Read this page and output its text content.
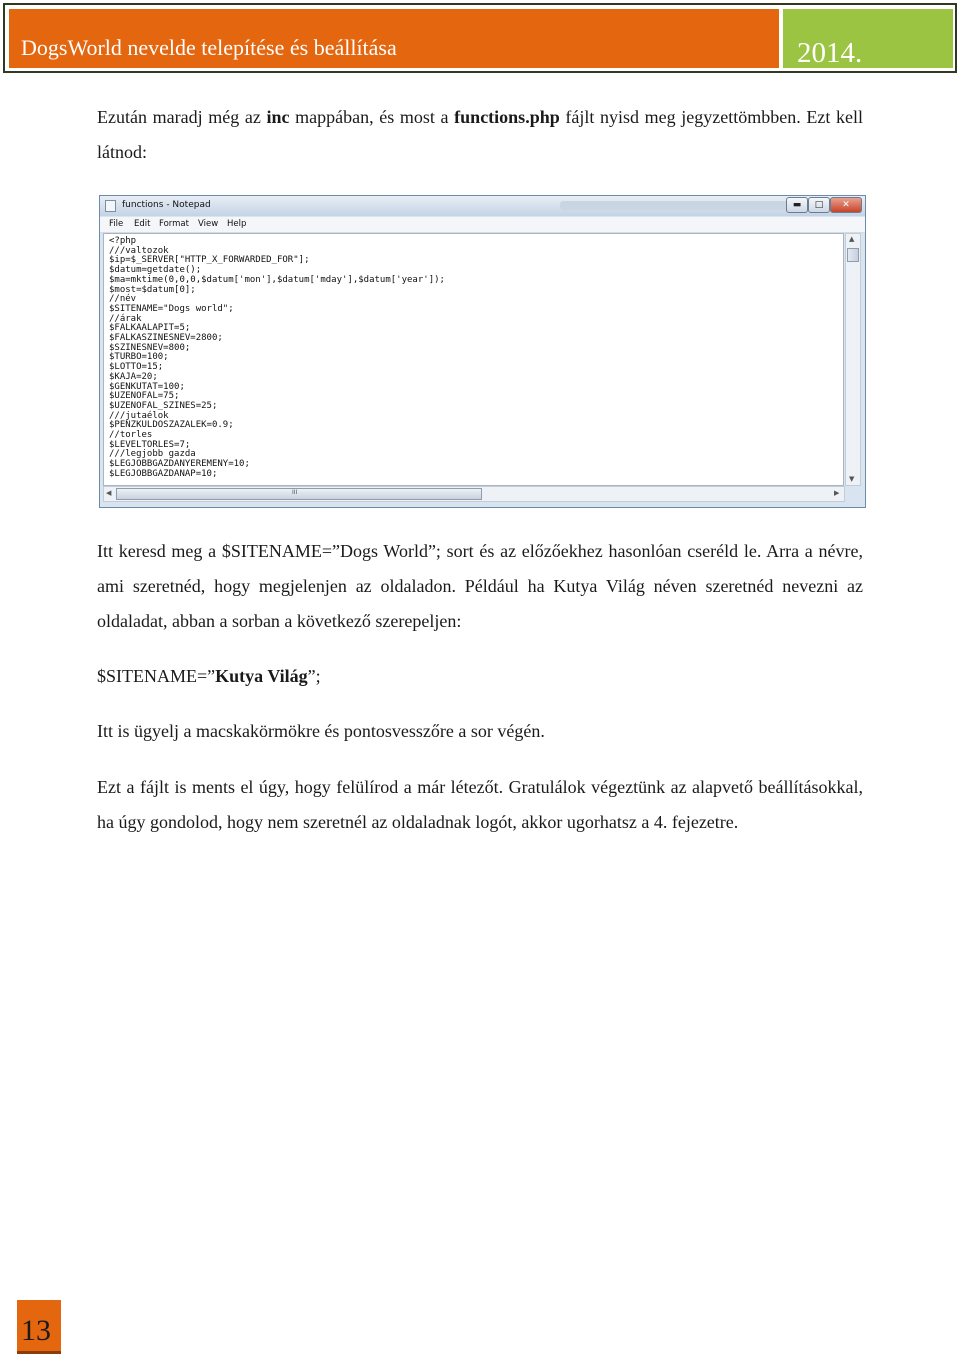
DogsWorld nevelde telepítése és beállítása	2014.

Ezután maradj még az inc mappában, és most a functions.php fájlt nyisd meg jegyzettömbben. Ezt kell látnod:

functions - Notepad	▬	□	✕
File Edit Format View Help
<?php
///valtozok
$ip=$_SERVER["HTTP_X_FORWARDED_FOR"];
$datum=getdate();
$ma=mktime(0,0,0,$datum['mon'],$datum['mday'],$datum['year']);
$most=$datum[0];
//név
$SITENAME="Dogs world";
//árak
$FALKAALAPIT=5;
$FALKASZINESNEV=2800;
$SZINESNEV=800;
$TURBO=100;
$LOTTO=15;
$KAJA=20;
$GENKUTAT=100;
$UZENOFAL=75;
$UZENOFAL_SZINES=25;
///jutaélok
$PENZKULDOSZAZALEK=0.9;
//torles
$LEVELTORLES=7;
///legjobb gazda
$LEGJOBBGAZDANYEREMENY=10;
$LEGJOBBGAZDANAP=10;
▲
▼
◀	III	▶

Itt keresd meg a $SITENAME=”Dogs World”; sort és az előzőekhez hasonlóan cseréld le. Arra a névre, ami szeretnéd, hogy megjelenjen az oldaladon. Például ha Kutya Világ néven szeretnéd nevezni az oldaladat, abban a sorban a következő szerepeljen:

$SITENAME=”Kutya Világ”;

Itt is ügyelj a macskakörmökre és pontosvesszőre a sor végén.

Ezt a fájlt is ments el úgy, hogy felülírod a már létezőt. Gratulálok végeztünk az alapvető beállításokkal, ha úgy gondolod, hogy nem szeretnél az oldaladnak logót, akkor ugorhatsz a 4. fejezetre.

13
